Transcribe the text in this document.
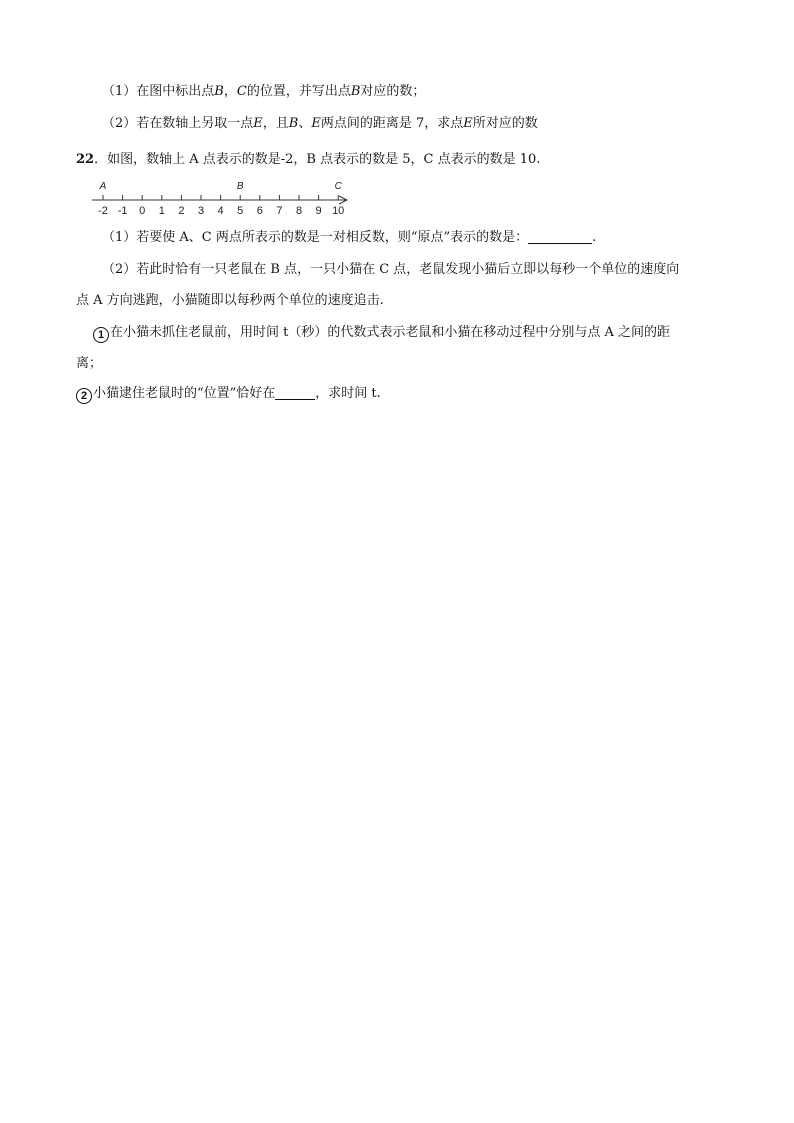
（1）在图中标出点B，C的位置，并写出点B对应的数；
（2）若在数轴上另取一点E，且B、E两点间的距离是 7，求点E所对应的数
22．如图，数轴上 A 点表示的数是-2，B 点表示的数是 5，C 点表示的数是 10.
A	B	C
-2 -1 0 1 2 3 4 5 6 7 8 9 10
（1）若要使 A、C 两点所表示的数是一对相反数，则“原点”表示的数是：	.
（2）若此时恰有一只老鼠在 B 点，一只小猫在 C 点，老鼠发现小猫后立即以每秒一个单位的速度向
点 A 方向逃跑，小猫随即以每秒两个单位的速度追击.
1 在小猫未抓住老鼠前，用时间 t（秒）的代数式表示老鼠和小猫在移动过程中分别与点 A 之间的距
离；
2 小猫逮住老鼠时的“位置”恰好在	，求时间 t.
